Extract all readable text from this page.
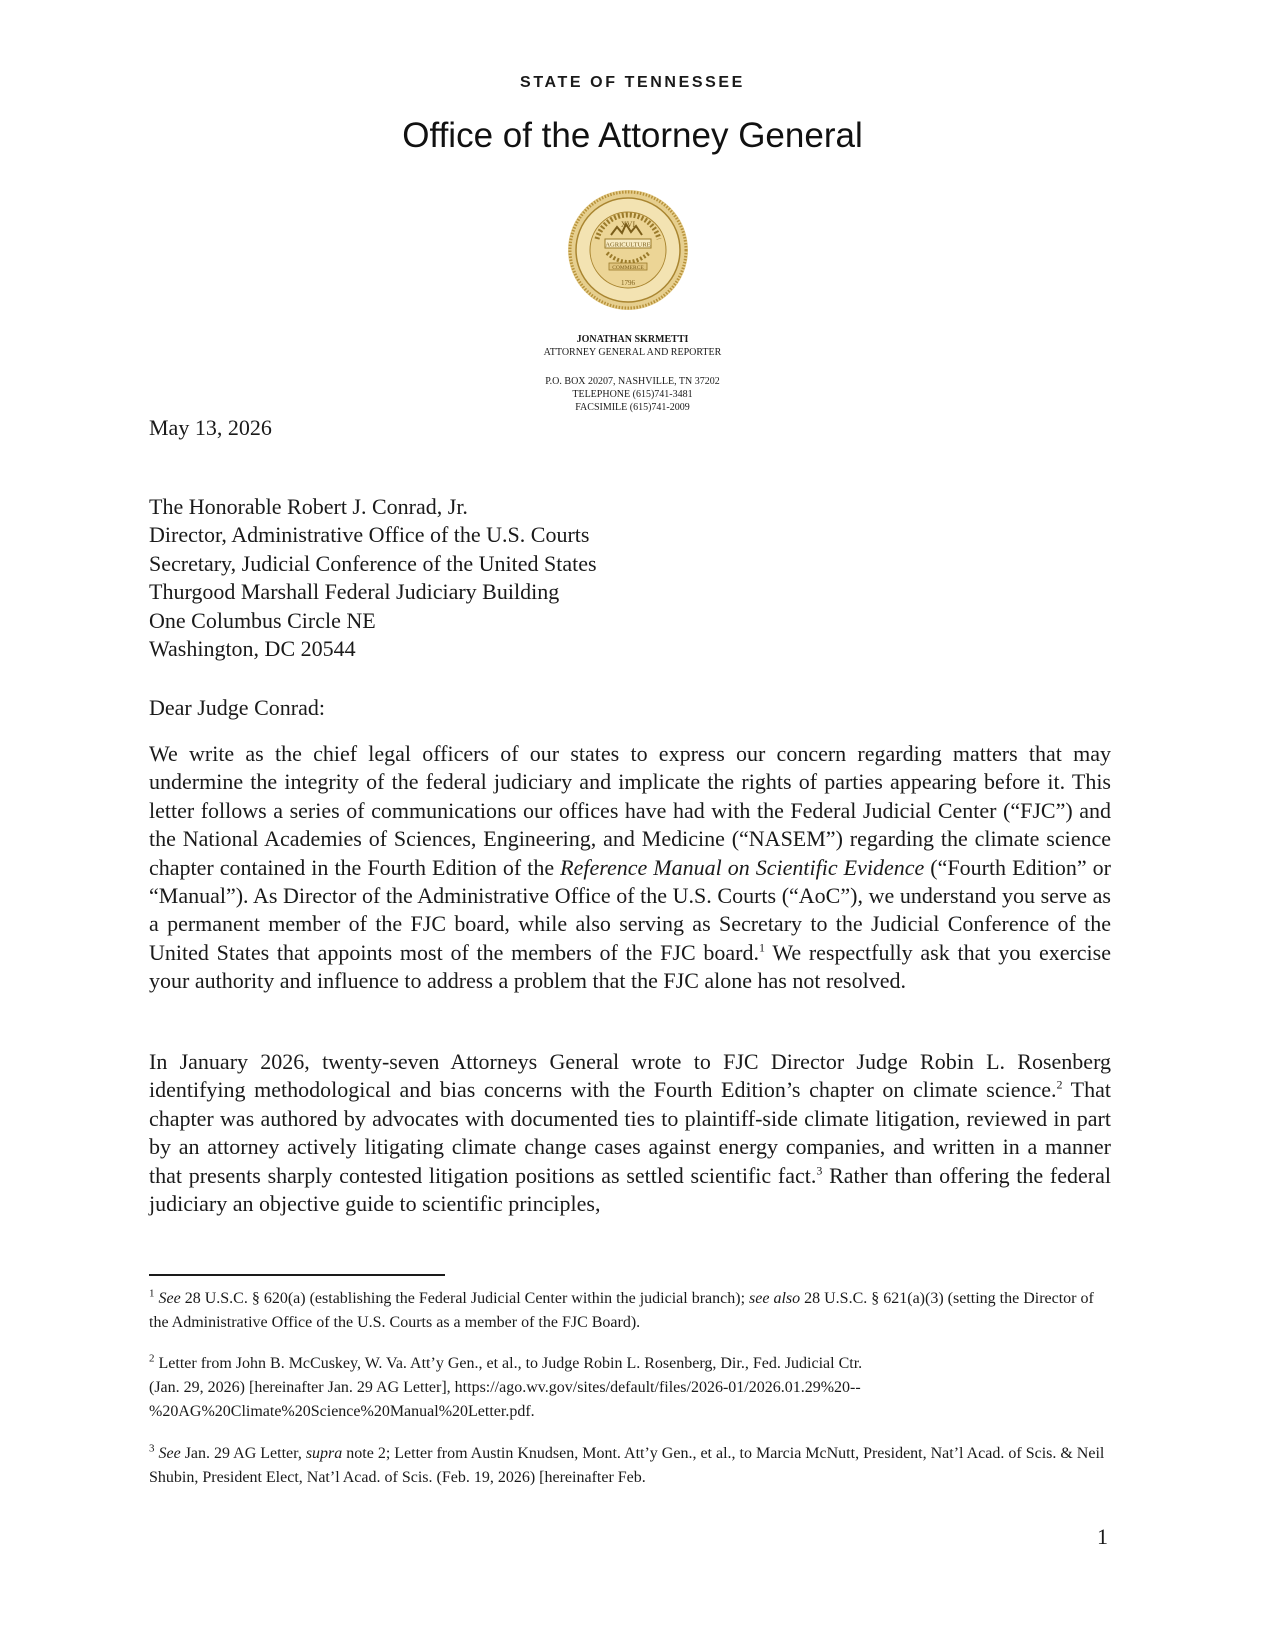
STATE OF TENNESSEE
Office of the Attorney General
XVI
AGRICULTURE
COMMERCE
1796
JONATHAN SKRMETTI
ATTORNEY GENERAL AND REPORTER
P.O. BOX 20207, NASHVILLE, TN 37202
TELEPHONE (615)741-3481
FACSIMILE (615)741-2009
May 13, 2026
The Honorable Robert J. Conrad, Jr.
Director, Administrative Office of the U.S. Courts
Secretary, Judicial Conference of the United States
Thurgood Marshall Federal Judiciary Building
One Columbus Circle NE
Washington, DC 20544
Dear Judge Conrad:
We write as the chief legal officers of our states to express our concern regarding matters that may undermine the integrity of the federal judiciary and implicate the rights of parties appearing before it. This letter follows a series of communications our offices have had with the Federal Judicial Center (“FJC”) and the National Academies of Sciences, Engineering, and Medicine (“NASEM”) regarding the climate science chapter contained in the Fourth Edition of the Reference Manual on Scientific Evidence (“Fourth Edition” or “Manual”). As Director of the Administrative Office of the U.S. Courts (“AoC”), we understand you serve as a permanent member of the FJC board, while also serving as Secretary to the Judicial Conference of the United States that appoints most of the members of the FJC board.$^1$ We respectfully ask that you exercise your authority and influence to address a problem that the FJC alone has not resolved.
In January 2026, twenty-seven Attorneys General wrote to FJC Director Judge Robin L. Rosenberg identifying methodological and bias concerns with the Fourth Edition’s chapter on climate science.$^2$ That chapter was authored by advocates with documented ties to plaintiff-side climate litigation, reviewed in part by an attorney actively litigating climate change cases against energy companies, and written in a manner that presents sharply contested litigation positions as settled scientific fact.$^3$ Rather than offering the federal judiciary an objective guide to scientific principles,
$^1$ See 28 U.S.C. § 620(a) (establishing the Federal Judicial Center within the judicial branch); see also 28 U.S.C. § 621(a)(3) (setting the Director of the Administrative Office of the U.S. Courts as a member of the FJC Board).
$^2$ Letter from John B. McCuskey, W. Va. Att’y Gen., et al., to Judge Robin L. Rosenberg, Dir., Fed. Judicial Ctr.
(Jan. 29, 2026) [hereinafter Jan. 29 AG Letter], https://ago.wv.gov/sites/default/files/2026-01/2026.01.29%20--
%20AG%20Climate%20Science%20Manual%20Letter.pdf.
$^3$ See Jan. 29 AG Letter, supra note 2; Letter from Austin Knudsen, Mont. Att’y Gen., et al., to Marcia McNutt, President, Nat’l Acad. of Scis. & Neil Shubin, President Elect, Nat’l Acad. of Scis. (Feb. 19, 2026) [hereinafter Feb.
1
